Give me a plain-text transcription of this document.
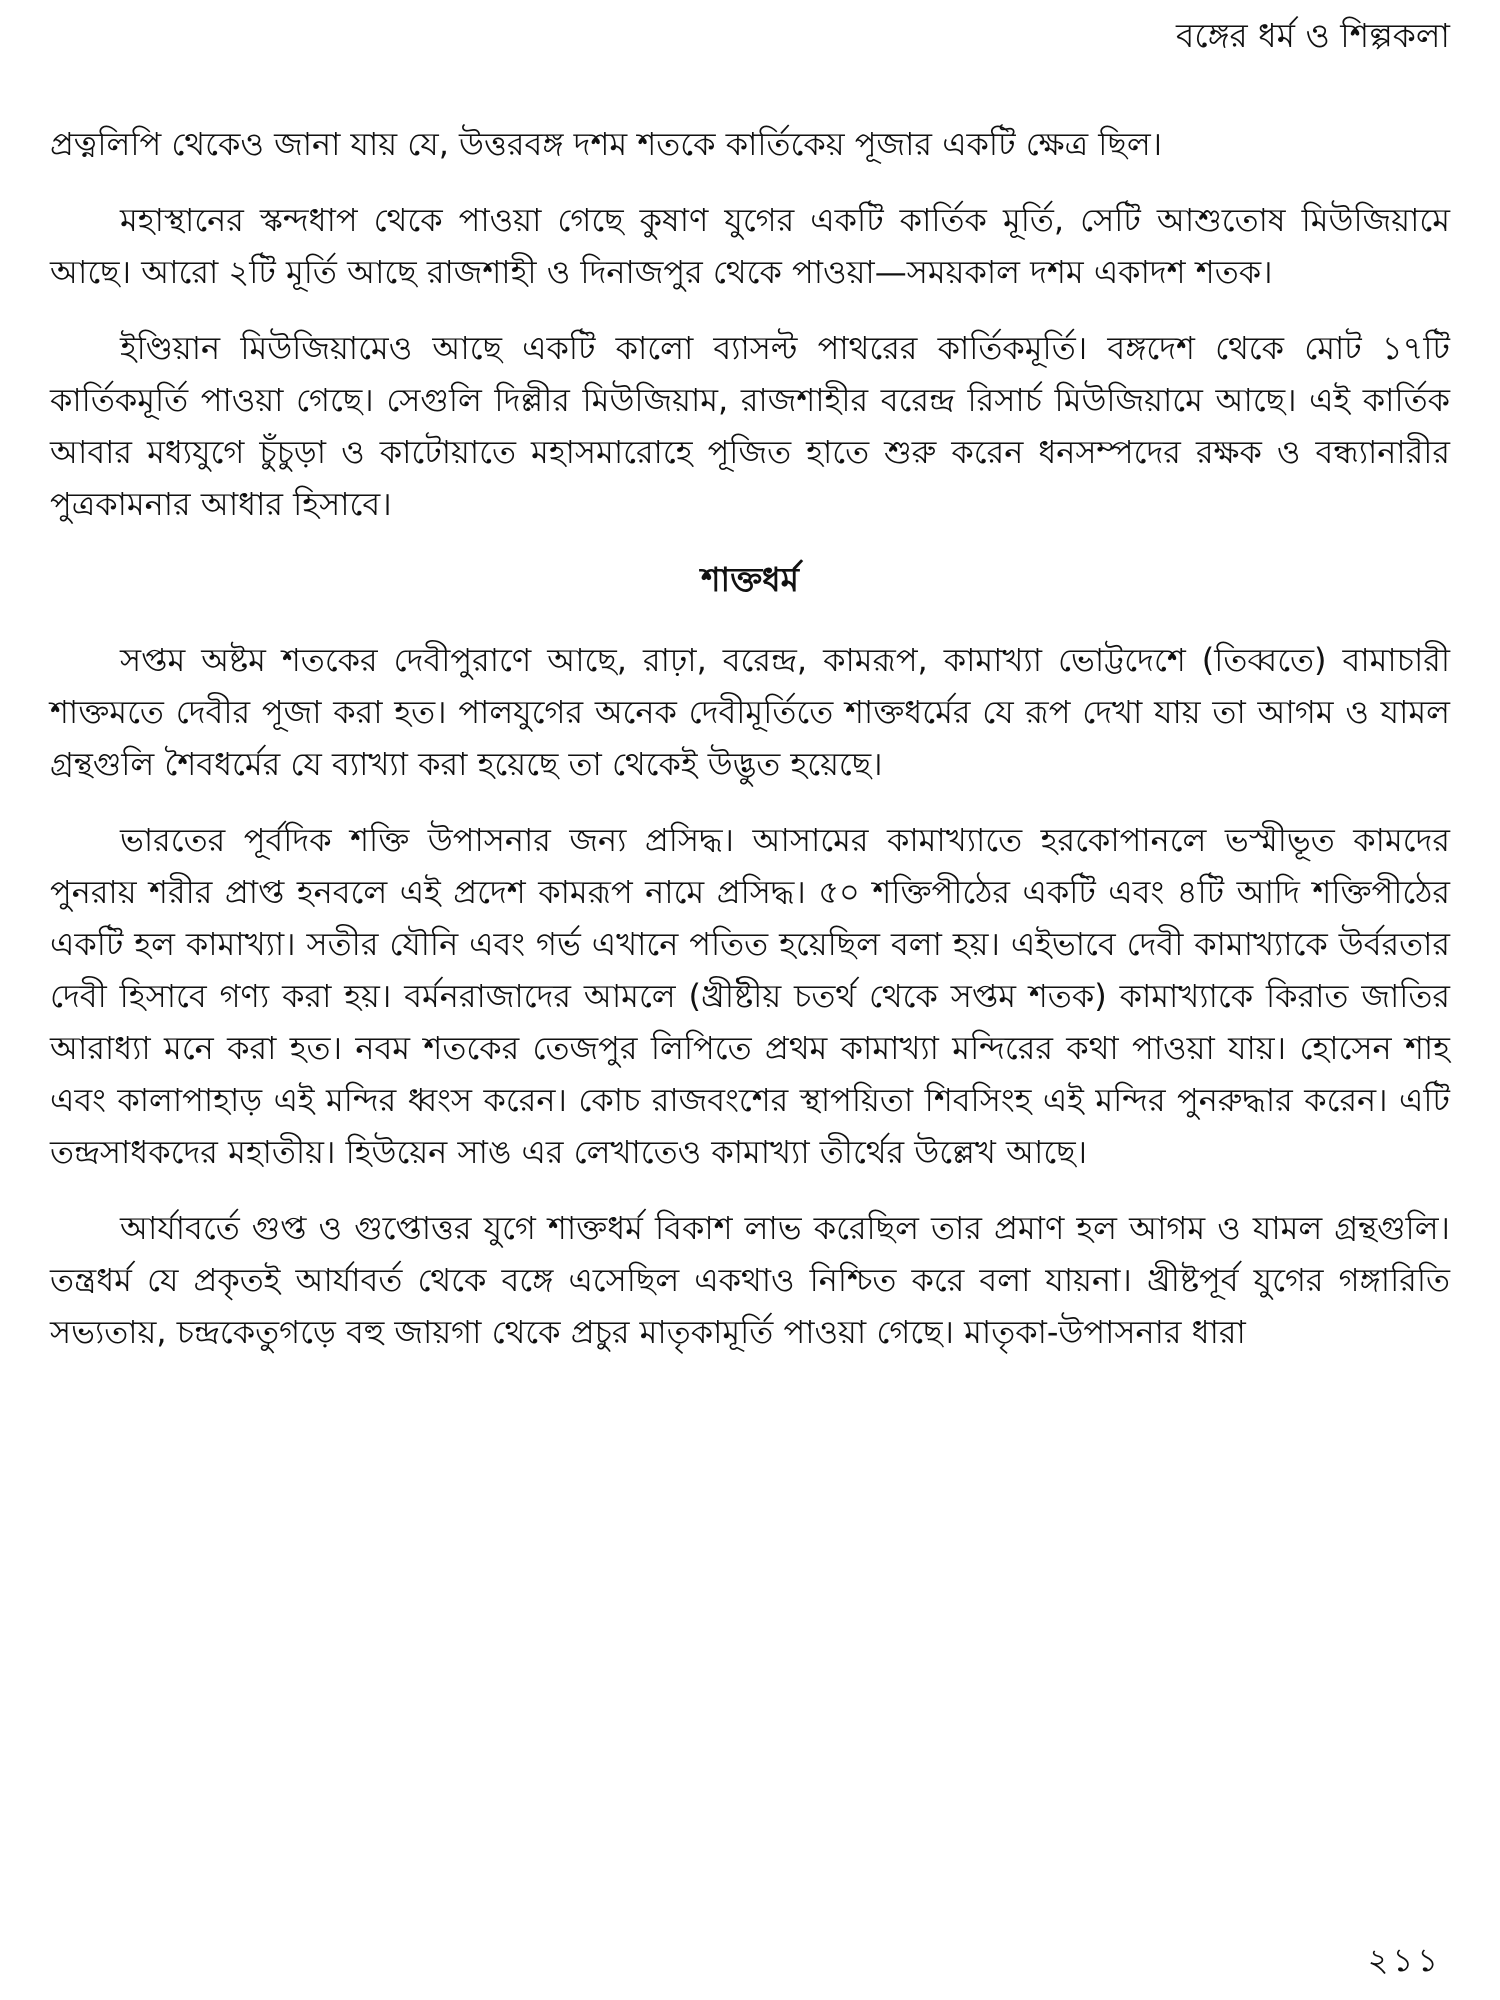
বঙ্গের ধর্ম ও শিল্পকলা

প্রত্নলিপি থেকেও জানা যায় যে, উত্তরবঙ্গ দশম শতকে কার্তিকেয় পূজার একটি ক্ষেত্র ছিল।

মহাস্থানের স্কন্দধাপ থেকে পাওয়া গেছে কুষাণ যুগের একটি কার্তিক মূর্তি, সেটি আশুতোষ মিউজিয়ামে আছে। আরো ২টি মূর্তি আছে রাজশাহী ও দিনাজপুর থেকে পাওয়া—সময়কাল দশম একাদশ শতক।

ইণ্ডিয়ান মিউজিয়ামেও আছে একটি কালো ব্যাসল্ট পাথরের কার্তিকমূর্তি। বঙ্গদেশ থেকে মোট ১৭টি কার্তিকমূর্তি পাওয়া গেছে। সেগুলি দিল্লীর মিউজিয়াম, রাজশাহীর বরেন্দ্র রিসার্চ মিউজিয়ামে আছে। এই কার্তিক আবার মধ্যযুগে চুঁচুড়া ও কাটোয়াতে মহাসমারোহে পূজিত হাতে শুরু করেন ধনসম্পদের রক্ষক ও বন্ধ্যানারীর পুত্রকামনার আধার হিসাবে।

শাক্তধর্ম

সপ্তম অষ্টম শতকের দেবীপুরাণে আছে, রাঢ়া, বরেন্দ্র, কামরূপ, কামাখ্যা ভোট্টদেশে (তিব্বতে) বামাচারী শাক্তমতে দেবীর পূজা করা হত। পালযুগের অনেক দেবীমূর্তিতে শাক্তধর্মের যে রূপ দেখা যায় তা আগম ও যামল গ্রন্থগুলি শৈবধর্মের যে ব্যাখ্যা করা হয়েছে তা থেকেই উদ্ভুত হয়েছে।

ভারতের পূর্বদিক শক্তি উপাসনার জন্য প্রসিদ্ধ। আসামের কামাখ্যাতে হরকোপানলে ভস্মীভূত কামদের পুনরায় শরীর প্রাপ্ত হনবলে এই প্রদেশ কামরূপ নামে প্রসিদ্ধ। ৫০ শক্তিপীঠের একটি এবং ৪টি আদি শক্তিপীঠের একটি হল কামাখ্যা। সতীর যৌনি এবং গর্ভ এখানে পতিত হয়েছিল বলা হয়। এইভাবে দেবী কামাখ্যাকে উর্বরতার দেবী হিসাবে গণ্য করা হয়। বর্মনরাজাদের আমলে (খ্রীষ্টীয় চতর্থ থেকে সপ্তম শতক) কামাখ্যাকে কিরাত জাতির আরাধ্যা মনে করা হত। নবম শতকের তেজপুর লিপিতে প্রথম কামাখ্যা মন্দিরের কথা পাওয়া যায়। হোসেন শাহ এবং কালাপাহাড় এই মন্দির ধ্বংস করেন। কোচ রাজবংশের স্থাপয়িতা শিবসিংহ এই মন্দির পুনরুদ্ধার করেন। এটি তন্দ্রসাধকদের মহাতীয়। হিউয়েন সাঙ এর লেখাতেও কামাখ্যা তীর্থের উল্লেখ আছে।

আর্যাবর্তে গুপ্ত ও গুপ্তোত্তর যুগে শাক্তধর্ম বিকাশ লাভ করেছিল তার প্রমাণ হল আগম ও যামল গ্রন্থগুলি। তন্ত্রধর্ম যে প্রকৃতই আর্যাবর্ত থেকে বঙ্গে এসেছিল একথাও নিশ্চিত করে বলা যায়না। খ্রীষ্টপূর্ব যুগের গঙ্গারিতি সভ্যতায়, চন্দ্রকেতুগড়ে বহু জায়গা থেকে প্রচুর মাতৃকামূর্তি পাওয়া গেছে। মাতৃকা-উপাসনার ধারা

২১১
